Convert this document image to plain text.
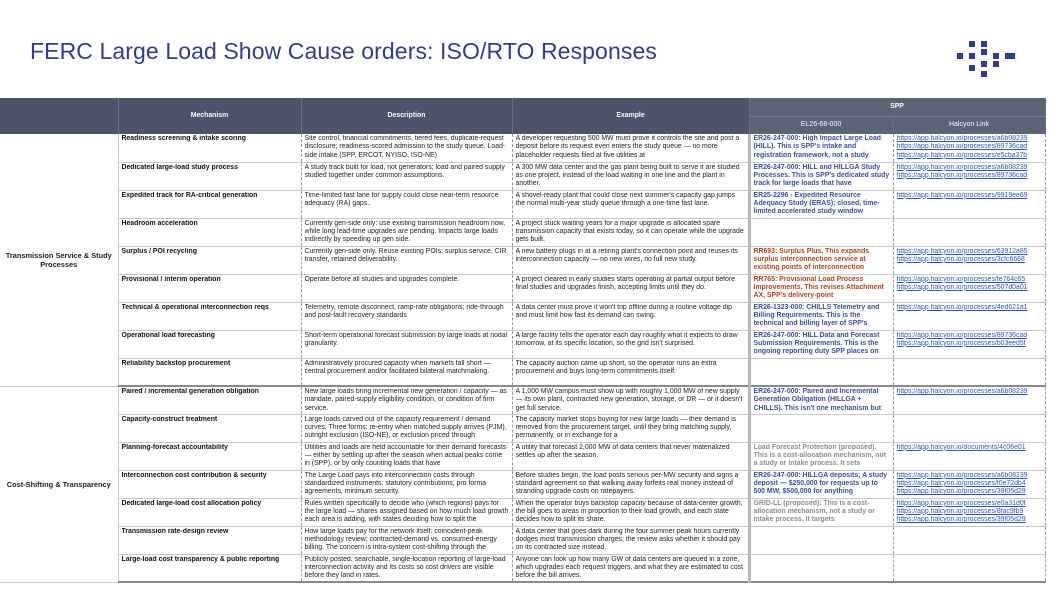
FERC Large Load Show Cause orders: ISO/RTO Responses
	Mechanism	Description	Example	SPP	
				EL26-68-000	Halcyon Link
Transmission Service & Study Processes	Readiness screening & intake scoring	Site control, financial commitments, tiered fees, duplicate-request disclosure; readiness-scored admission to the study queue. Load-side intake (SPP, ERCOT, NYISO, ISO-NE)	A developer requesting 500 MW must prove it controls the site and post a deposit before its request even enters the study queue — no more placeholder requests filed at five utilities at	ER26-247-000: High Impact Large Load (HILL). This is SPP's intake and registration framework, not a study	https://app.halcyon.io/processes/a6b08239
https://app.halcyon.io/processes/89736cad
https://app.halcyon.io/processes/e5cba37b

	Dedicated large-load study process	A study track built for load, not generators; load and paired supply studied together under common assumptions.	A 300 MW data center and the gas plant being built to serve it are studied as one project, instead of the load waiting in one line and the plant in another.	ER26-247-000: HILL and HILLGA Study Processes. This is SPP's dedicated study track for large loads that have	https://app.halcyon.io/processes/a6b08239
https://app.halcyon.io/processes/89736cad

	Expedited track for RA-critical generation	Time-limited fast lane for supply could close near-term resource adequacy (RA) gaps.	A shovel-ready plant that could close next summer's capacity gap jumps the normal multi-year study queue through a one-time fast lane.	ER25-2296 - Expedited Resource Adequacy Study (ERAS); closed, time-limited accelerated study window	https://app.halcyon.io/processes/9919ee69

	Headroom acceleration	Currently gen-side only: use existing transmission headroom now, while long lead-time upgrades are pending. Impacts large loads indirectly by speeding up gen side.	A project stuck waiting years for a major upgrade is allocated spare transmission capacity that exists today, so it can operate while the upgrade gets built.		

	Surplus / POI recycling	Currently gen-side only. Reuse existing POIs: surplus service, CIR transfer, retained deliverability.	A new battery plugs in at a retiring plant's connection point and reuses its interconnection capacity — no new wires, no full new study.	RR693: Surplus Plus. This expands surplus interconnection service at existing points of interconnection	https://app.halcyon.io/processes/63912a85
https://app.halcyon.io/processes/3cfc6668

	Provisional / interim operation	Operate before all studies and upgrades complete.	A project cleared in early studies starts operating at partial output before final studies and upgrades finish, accepting limits until they do.	RR765: Provisional Load Process Improvements. This revises Attachment AX, SPP's delivery-point	https://app.halcyon.io/processes/fe764c65
https://app.halcyon.io/processes/507d0a01

	Technical & operational interconnection reqs	Telemetry, remote disconnect, ramp-rate obligations; ride-through and post-fault recovery standards	A data center must prove it won't trip offline during a routine voltage dip and must limit how fast its demand can swing.	ER26-1323-000: CHILLS Telemetry and Billing Requirements. This is the technical and billing layer of SPP's	https://app.halcyon.io/processes/4ed621a1

	Operational load forecasting	Short-term operational forecast submission by large loads at nodal granularity.	A large facility tells the operator each day roughly what it expects to draw tomorrow, at its specific location, so the grid isn't surprised.	ER26-247-000: HILL Data and Forecast Submission Requirements. This is the ongoing reporting duty SPP places on	https://app.halcyon.io/processes/89736cad
https://app.halcyon.io/processes/b03eed5f

	Reliability backstop procurement	Administratively procured capacity when markets fall short — central procurement and/or facilitated bilateral matchmaking.	The capacity auction came up short, so the operator runs an extra procurement and buys long-term commitments itself.		

Cost-Shifting & Transparency	Paired / incremental generation obligation	New large loads bring incremental new generation / capacity — as mandate, paired-supply eligibility condition, or condition of firm service.	A 1,000 MW campus must show up with roughly 1,000 MW of new supply — its own plant, contracted new generation, storage, or DR — or it doesn't get full service.	ER26-247-000: Paired and Incremental Generation Obligation (HILLGA + CHILLS). This isn't one mechanism but	https://app.halcyon.io/processes/a6b08239

	Capacity-construct treatment	Large loads carved out of the capacity requirement / demand curves. Three forms: re-entry when matched supply arrives (PJM), outright exclusion (ISO-NE), or exclusion priced through	The capacity market stops buying for new large loads — their demand is removed from the procurement target, until they bring matching supply, permanently, or in exchange for a		

	Planning-forecast accountability	Utilities and loads are held accountable for their demand forecasts — either by settling up after the season when actual peaks come in (SPP), or by only counting loads that have	A utility that forecast 2,000 MW of data centers that never materialized settles up after the season.	Load Forecast Protection (proposed). This is a cost-allocation mechanism, not a study or intake process. It sets	https://app.halcyon.io/documents/4c06e01

	Interconnection cost contribution & security	The Large Load pays into interconnection costs through standardized instruments: statutory contributions, pro forma agreements, minimum security.	Before studies begin, the load posts serious per-MW security and signs a standard agreement so that walking away forfeits real money instead of stranding upgrade costs on ratepayers.	ER26-247-000: HILLGA deposits; A study deposit — $250,000 for requests up to 500 MW, $500,000 for anything	https://app.halcyon.io/processes/a6b08239
https://app.halcyon.io/processes/f0e72db4
https://app.halcyon.io/processes/39f05d29

	Dedicated large-load cost allocation policy	Rules written specifically to decide who (which regions) pays for the large load — shares assigned based on how much load growth each area is adding, with states deciding how to split the	When the operator buys backstop capacity because of data-center growth, the bill goes to areas in proportion to their load growth, and each state decides how to split its share.	GRID-LL (proposed): This is a cost-allocation mechanism, not a study or intake process. It targets	https://app.halcyon.io/processes/e0a31d0f
https://app.halcyon.io/processes/8fac9fb9
https://app.halcyon.io/processes/39f05d29

	Transmission rate-design review	How large loads pay for the network itself: coincident-peak methodology review; contracted-demand vs. consumed-energy billing. The concern is intra-system cost-shifting through the	A data center that goes dark during the four summer peak hours currently dodges most transmission charges; the review asks whether it should pay on its contracted size instead.		

	Large-load cost transparency & public reporting	Publicly posted, searchable, single-location reporting of large-load interconnection activity and its costs so cost drivers are visible before they land in rates.	Anyone can look up how many GW of data centers are queued in a zone, which upgrades each request triggers, and what they are estimated to cost before the bill arrives.		
